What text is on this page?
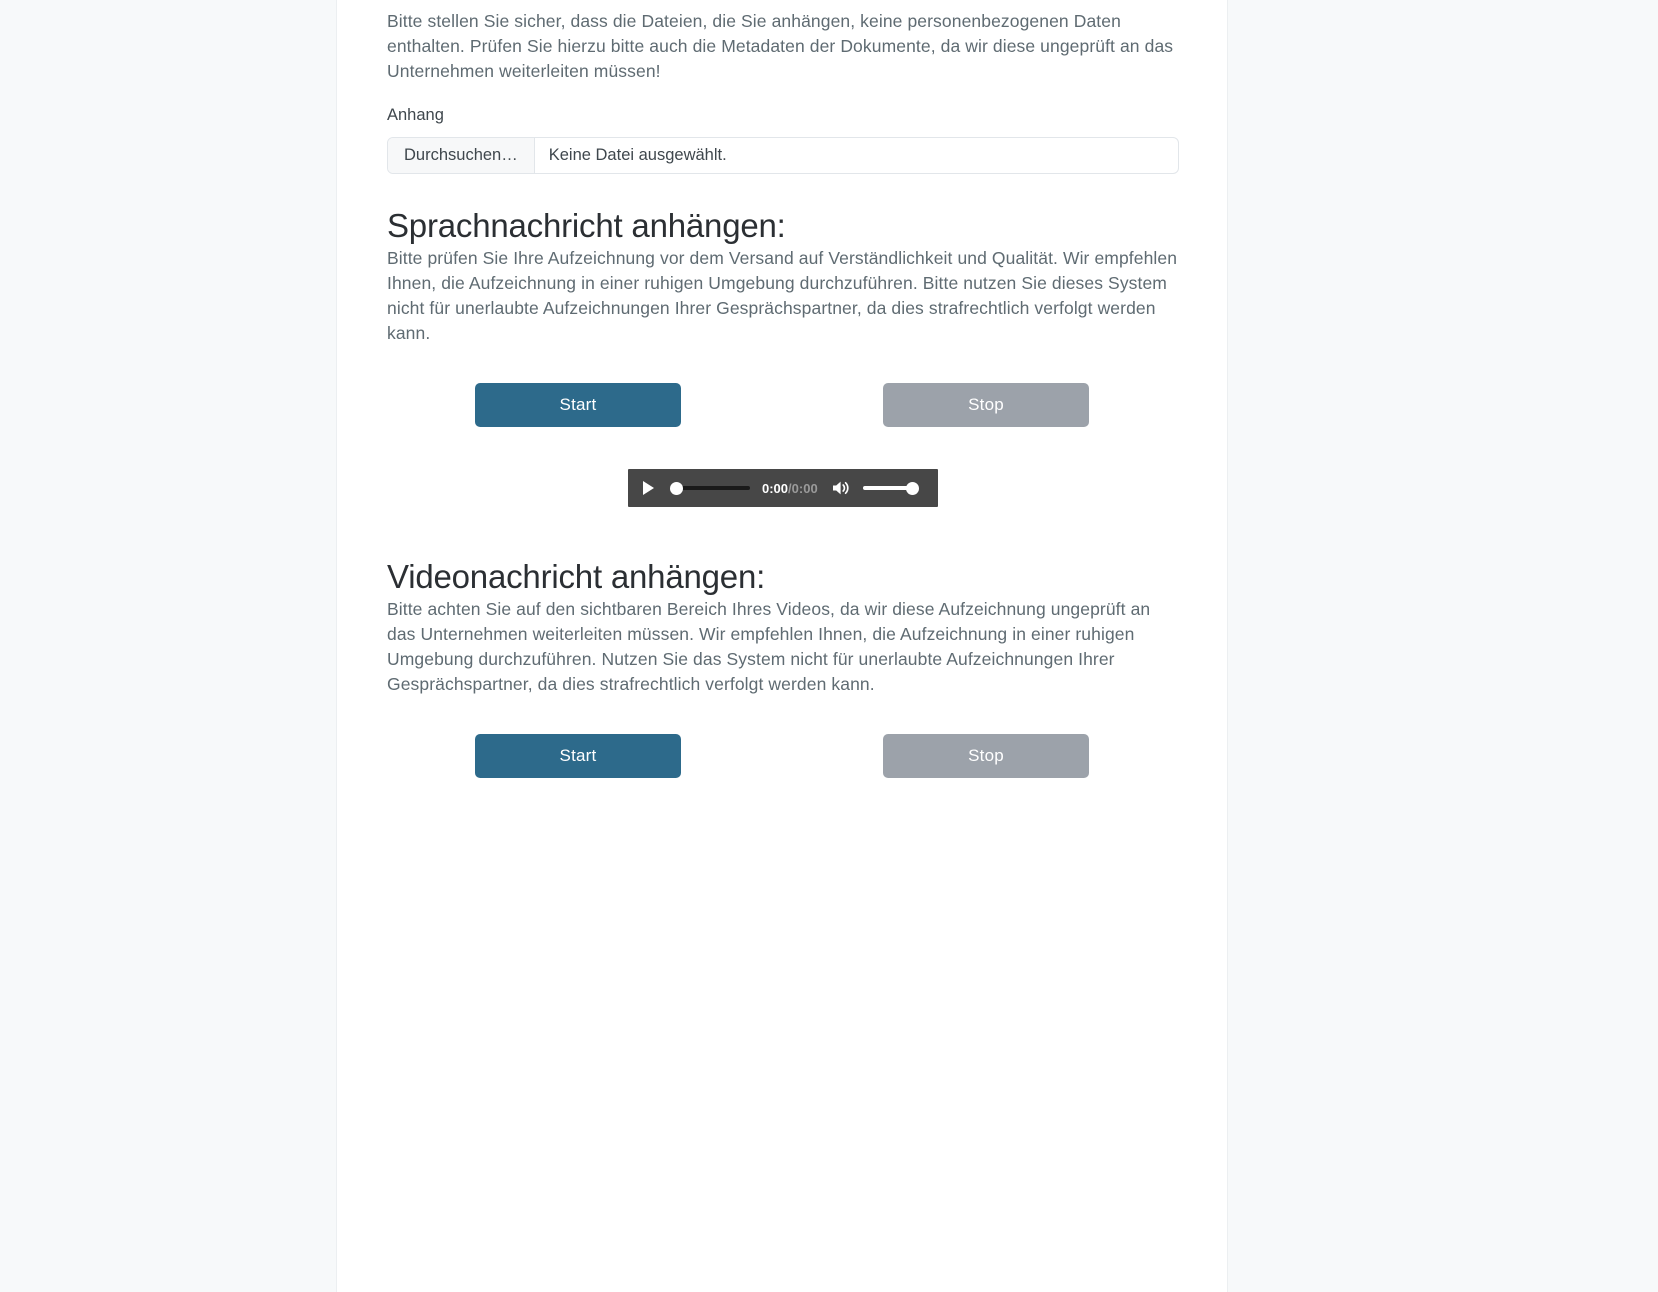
Bitte stellen Sie sicher, dass die Dateien, die Sie anhängen, keine personenbezogenen Daten enthalten. Prüfen Sie hierzu bitte auch die Metadaten der Dokumente, da wir diese ungeprüft an das Unternehmen weiterleiten müssen!

Anhang
Durchsuchen…	Keine Datei ausgewählt.
Sprachnachricht anhängen:

Bitte prüfen Sie Ihre Aufzeichnung vor dem Versand auf Verständlichkeit und Qualität. Wir empfehlen Ihnen, die Aufzeichnung in einer ruhigen Umgebung durchzuführen. Bitte nutzen Sie dieses System nicht für unerlaubte Aufzeichnungen Ihrer Gesprächspartner, da dies strafrechtlich verfolgt werden kann.

Start	Stop
0:00/0:00
Videonachricht anhängen:

Bitte achten Sie auf den sichtbaren Bereich Ihres Videos, da wir diese Aufzeichnung ungeprüft an das Unternehmen weiterleiten müssen. Wir empfehlen Ihnen, die Aufzeichnung in einer ruhigen Umgebung durchzuführen. Nutzen Sie das System nicht für unerlaubte Aufzeichnungen Ihrer Gesprächspartner, da dies strafrechtlich verfolgt werden kann.

Start	Stop
